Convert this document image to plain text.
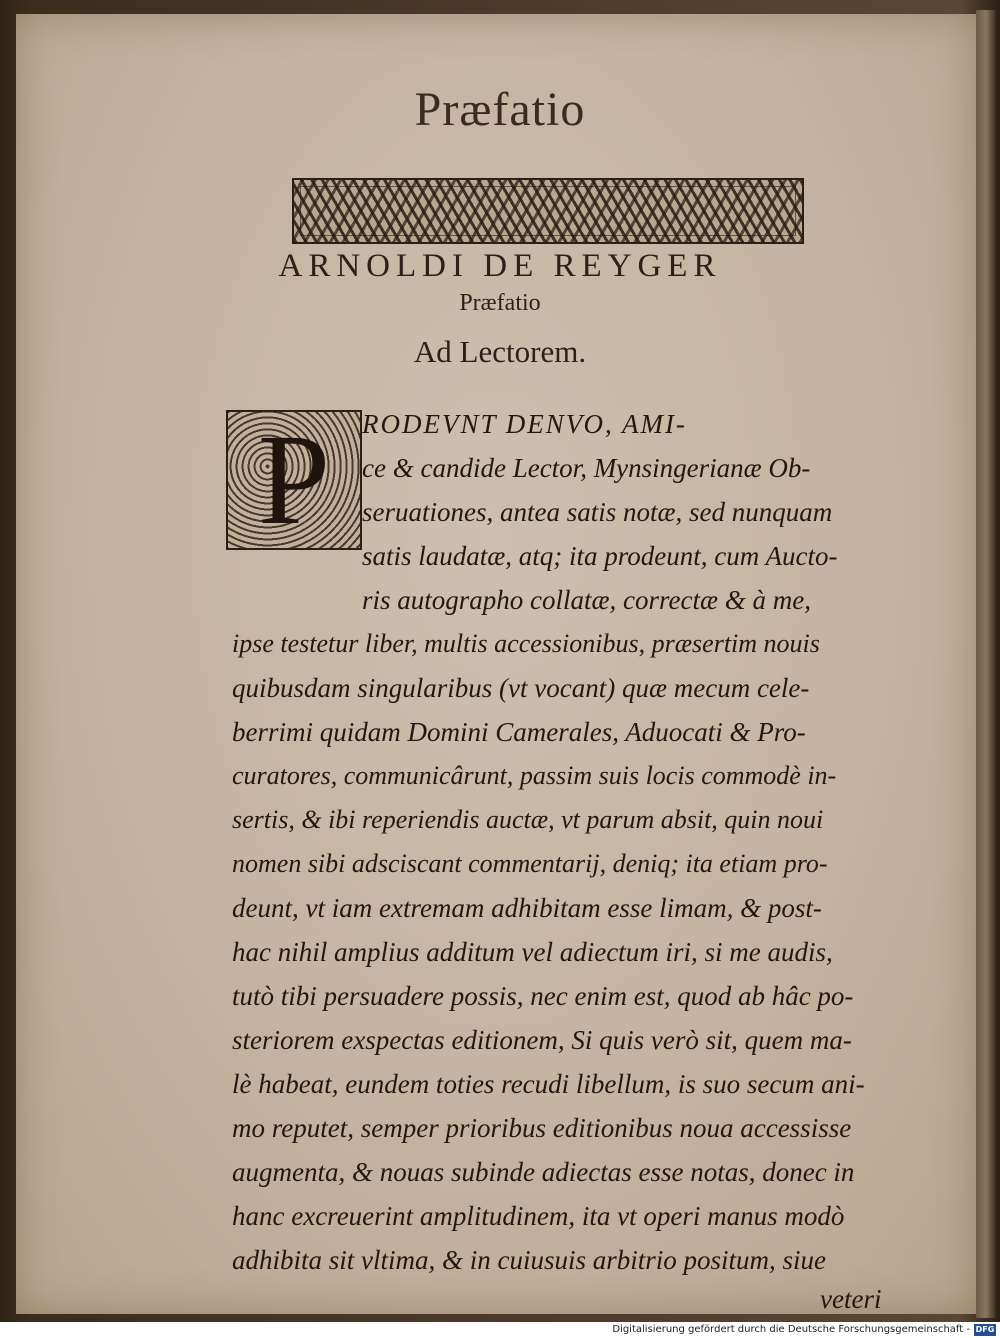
Præfatio
ARNOLDI DE REYGER
Præfatio
Ad Lectorem.
P	RODEVNT DENVO, AMI-
ce & candide Lector, Mynsingerianæ Ob-
seruationes, antea satis notæ, sed nunquam
satis laudatæ, atq; ita prodeunt, cum Aucto-
ris autographo collatæ, correctæ & à me,
ipse testetur liber, multis accessionibus, præsertim nouis
quibusdam singularibus (vt vocant) quæ mecum cele-
berrimi quidam Domini Camerales, Aduocati & Pro-
curatores, communicârunt, passim suis locis commodè in-
sertis, & ibi reperiendis auctæ, vt parum absit, quin noui
nomen sibi adsciscant commentarij, deniq; ita etiam pro-
deunt, vt iam extremam adhibitam esse limam, & post-
hac nihil amplius additum vel adiectum iri, si me audis,
tutò tibi persuadere possis, nec enim est, quod ab hâc po-
steriorem exspectas editionem, Si quis verò sit, quem ma-
lè habeat, eundem toties recudi libellum, is suo secum ani-
mo reputet, semper prioribus editionibus noua accessisse
augmenta, & nouas subinde adiectas esse notas, donec in
hanc excreuerint amplitudinem, ita vt operi manus modò
adhibita sit vltima, & in cuiusuis arbitrio positum, siue
veteri
Digitalisierung gefördert durch die Deutsche Forschungsgemeinschaft - DFG
